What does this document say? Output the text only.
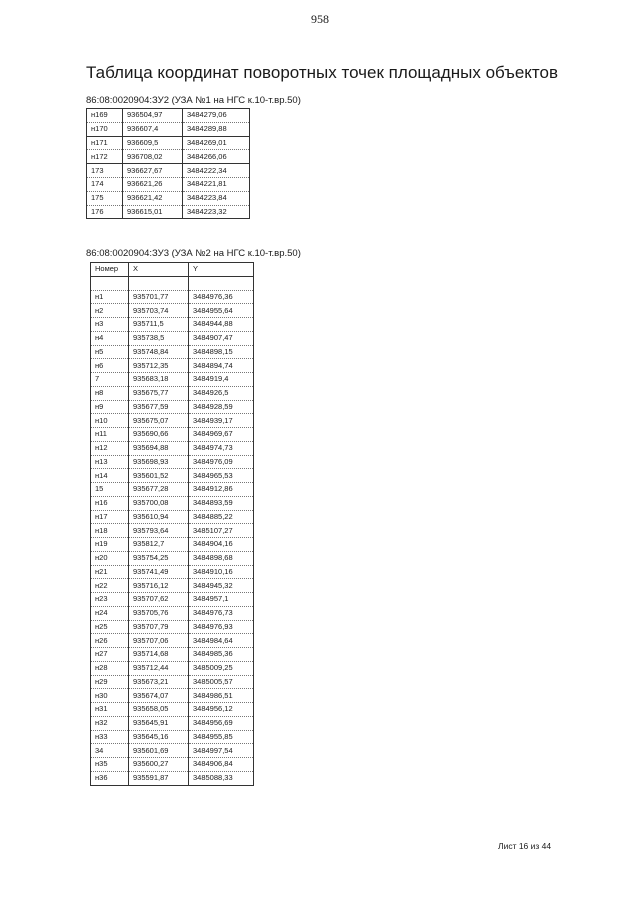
958
Таблица координат поворотных точек площадных объектов
86:08:0020904:ЗУ2 (УЗА №1 на НГС к.10-т.вр.50)
н169	936504,97	3484279,06
н170	936607,4	3484289,88
н171	936609,5	3484269,01
н172	936708,02	3484266,06
173	936627,67	3484222,34
174	936621,26	3484221,81
175	936621,42	3484223,84
176	936615,01	3484223,32
86:08:0020904:ЗУ3 (УЗА №2 на НГС к.10-т.вр.50)
Номер	X	Y

н1	935701,77	3484976,36
н2	935703,74	3484955,64
н3	935711,5	3484944,88
н4	935738,5	3484907,47
н5	935748,84	3484898,15
н6	935712,35	3484894,74
7	935683,18	3484919,4
н8	935675,77	3484926,5
н9	935677,59	3484928,59
н10	935675,07	3484939,17
н11	935690,66	3484969,67
н12	935694,88	3484974,73
н13	935698,93	3484976,09
н14	935601,52	3484965,53
15	935677,28	3484912,86
н16	935700,08	3484893,59
н17	935610,94	3484885,22
н18	935793,64	3485107,27
н19	935812,7	3484904,16
н20	935754,25	3484898,68
н21	935741,49	3484910,16
н22	935716,12	3484945,32
н23	935707,62	3484957,1
н24	935705,76	3484976,73
н25	935707,79	3484976,93
н26	935707,06	3484984,64
н27	935714,68	3484985,36
н28	935712,44	3485009,25
н29	935673,21	3485005,57
н30	935674,07	3484986,51
н31	935658,05	3484956,12
н32	935645,91	3484956,69
н33	935645,16	3484955,85
34	935601,69	3484997,54
н35	935600,27	3484906,84
н36	935591,87	3485088,33
Лист 16 из 44
